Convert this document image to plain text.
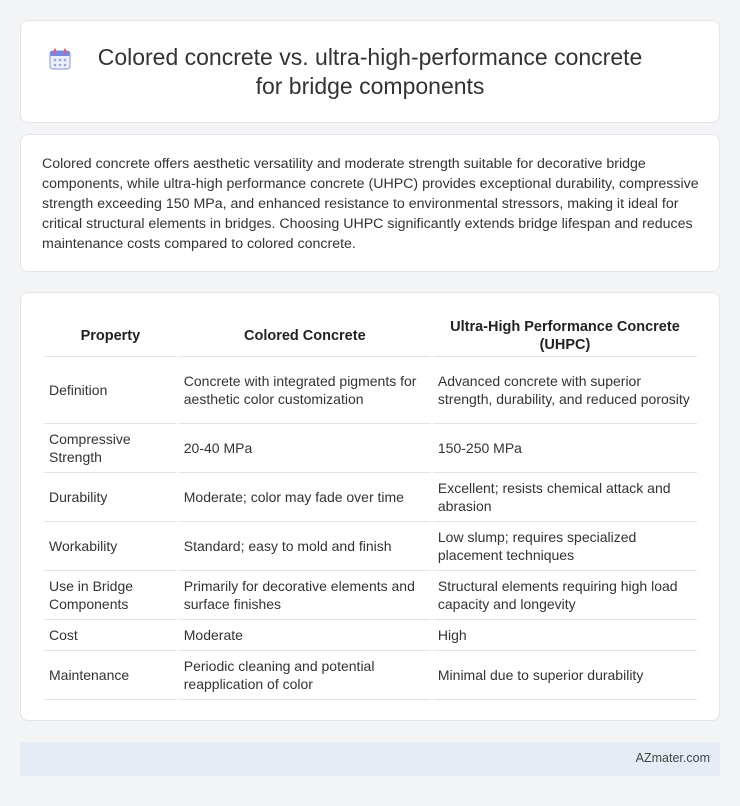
Colored concrete vs. ultra-high-performance concrete for bridge components

Colored concrete offers aesthetic versatility and moderate strength suitable for decorative bridge components, while ultra-high performance concrete (UHPC) provides exceptional durability, compressive strength exceeding 150 MPa, and enhanced resistance to environmental stressors, making it ideal for critical structural elements in bridges. Choosing UHPC significantly extends bridge lifespan and reduces maintenance costs compared to colored concrete.

Property	Colored Concrete	Ultra-High Performance Concrete (UHPC)
Definition	Concrete with integrated pigments for aesthetic color customization	Advanced concrete with superior strength, durability, and reduced porosity
Compressive Strength	20-40 MPa	150-250 MPa
Durability	Moderate; color may fade over time	Excellent; resists chemical attack and abrasion
Workability	Standard; easy to mold and finish	Low slump; requires specialized placement techniques
Use in Bridge Components	Primarily for decorative elements and surface finishes	Structural elements requiring high load capacity and longevity
Cost	Moderate	High
Maintenance	Periodic cleaning and potential reapplication of color	Minimal due to superior durability
AZmater.com
